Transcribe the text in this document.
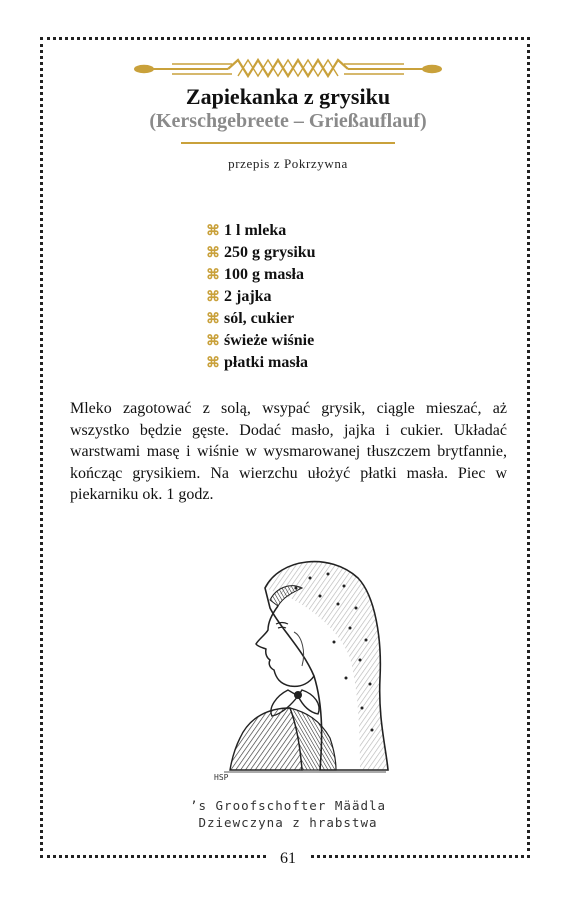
Zapiekanka z grysiku
(Kerschgebreete – Grießauflauf)
przepis z Pokrzywna
⌘ 1 l mleka
⌘ 250 g grysiku
⌘ 100 g masła
⌘ 2 jajka
⌘ sól, cukier
⌘ świeże wiśnie
⌘ płatki masła
Mleko zagotować z solą, wsypać grysik, ciągle mieszać, aż wszystko będzie gęste. Dodać masło, jajka i cukier. Układać warstwami masę i wiśnie w wysmarowanej tłuszczem brytfannie, kończąc grysikiem. Na wierzchu ułożyć płatki masła. Piec w piekarniku ok. 1 godz.
HSP
’s Groofschofter Määdla
Dziewczyna z hrabstwa
61
